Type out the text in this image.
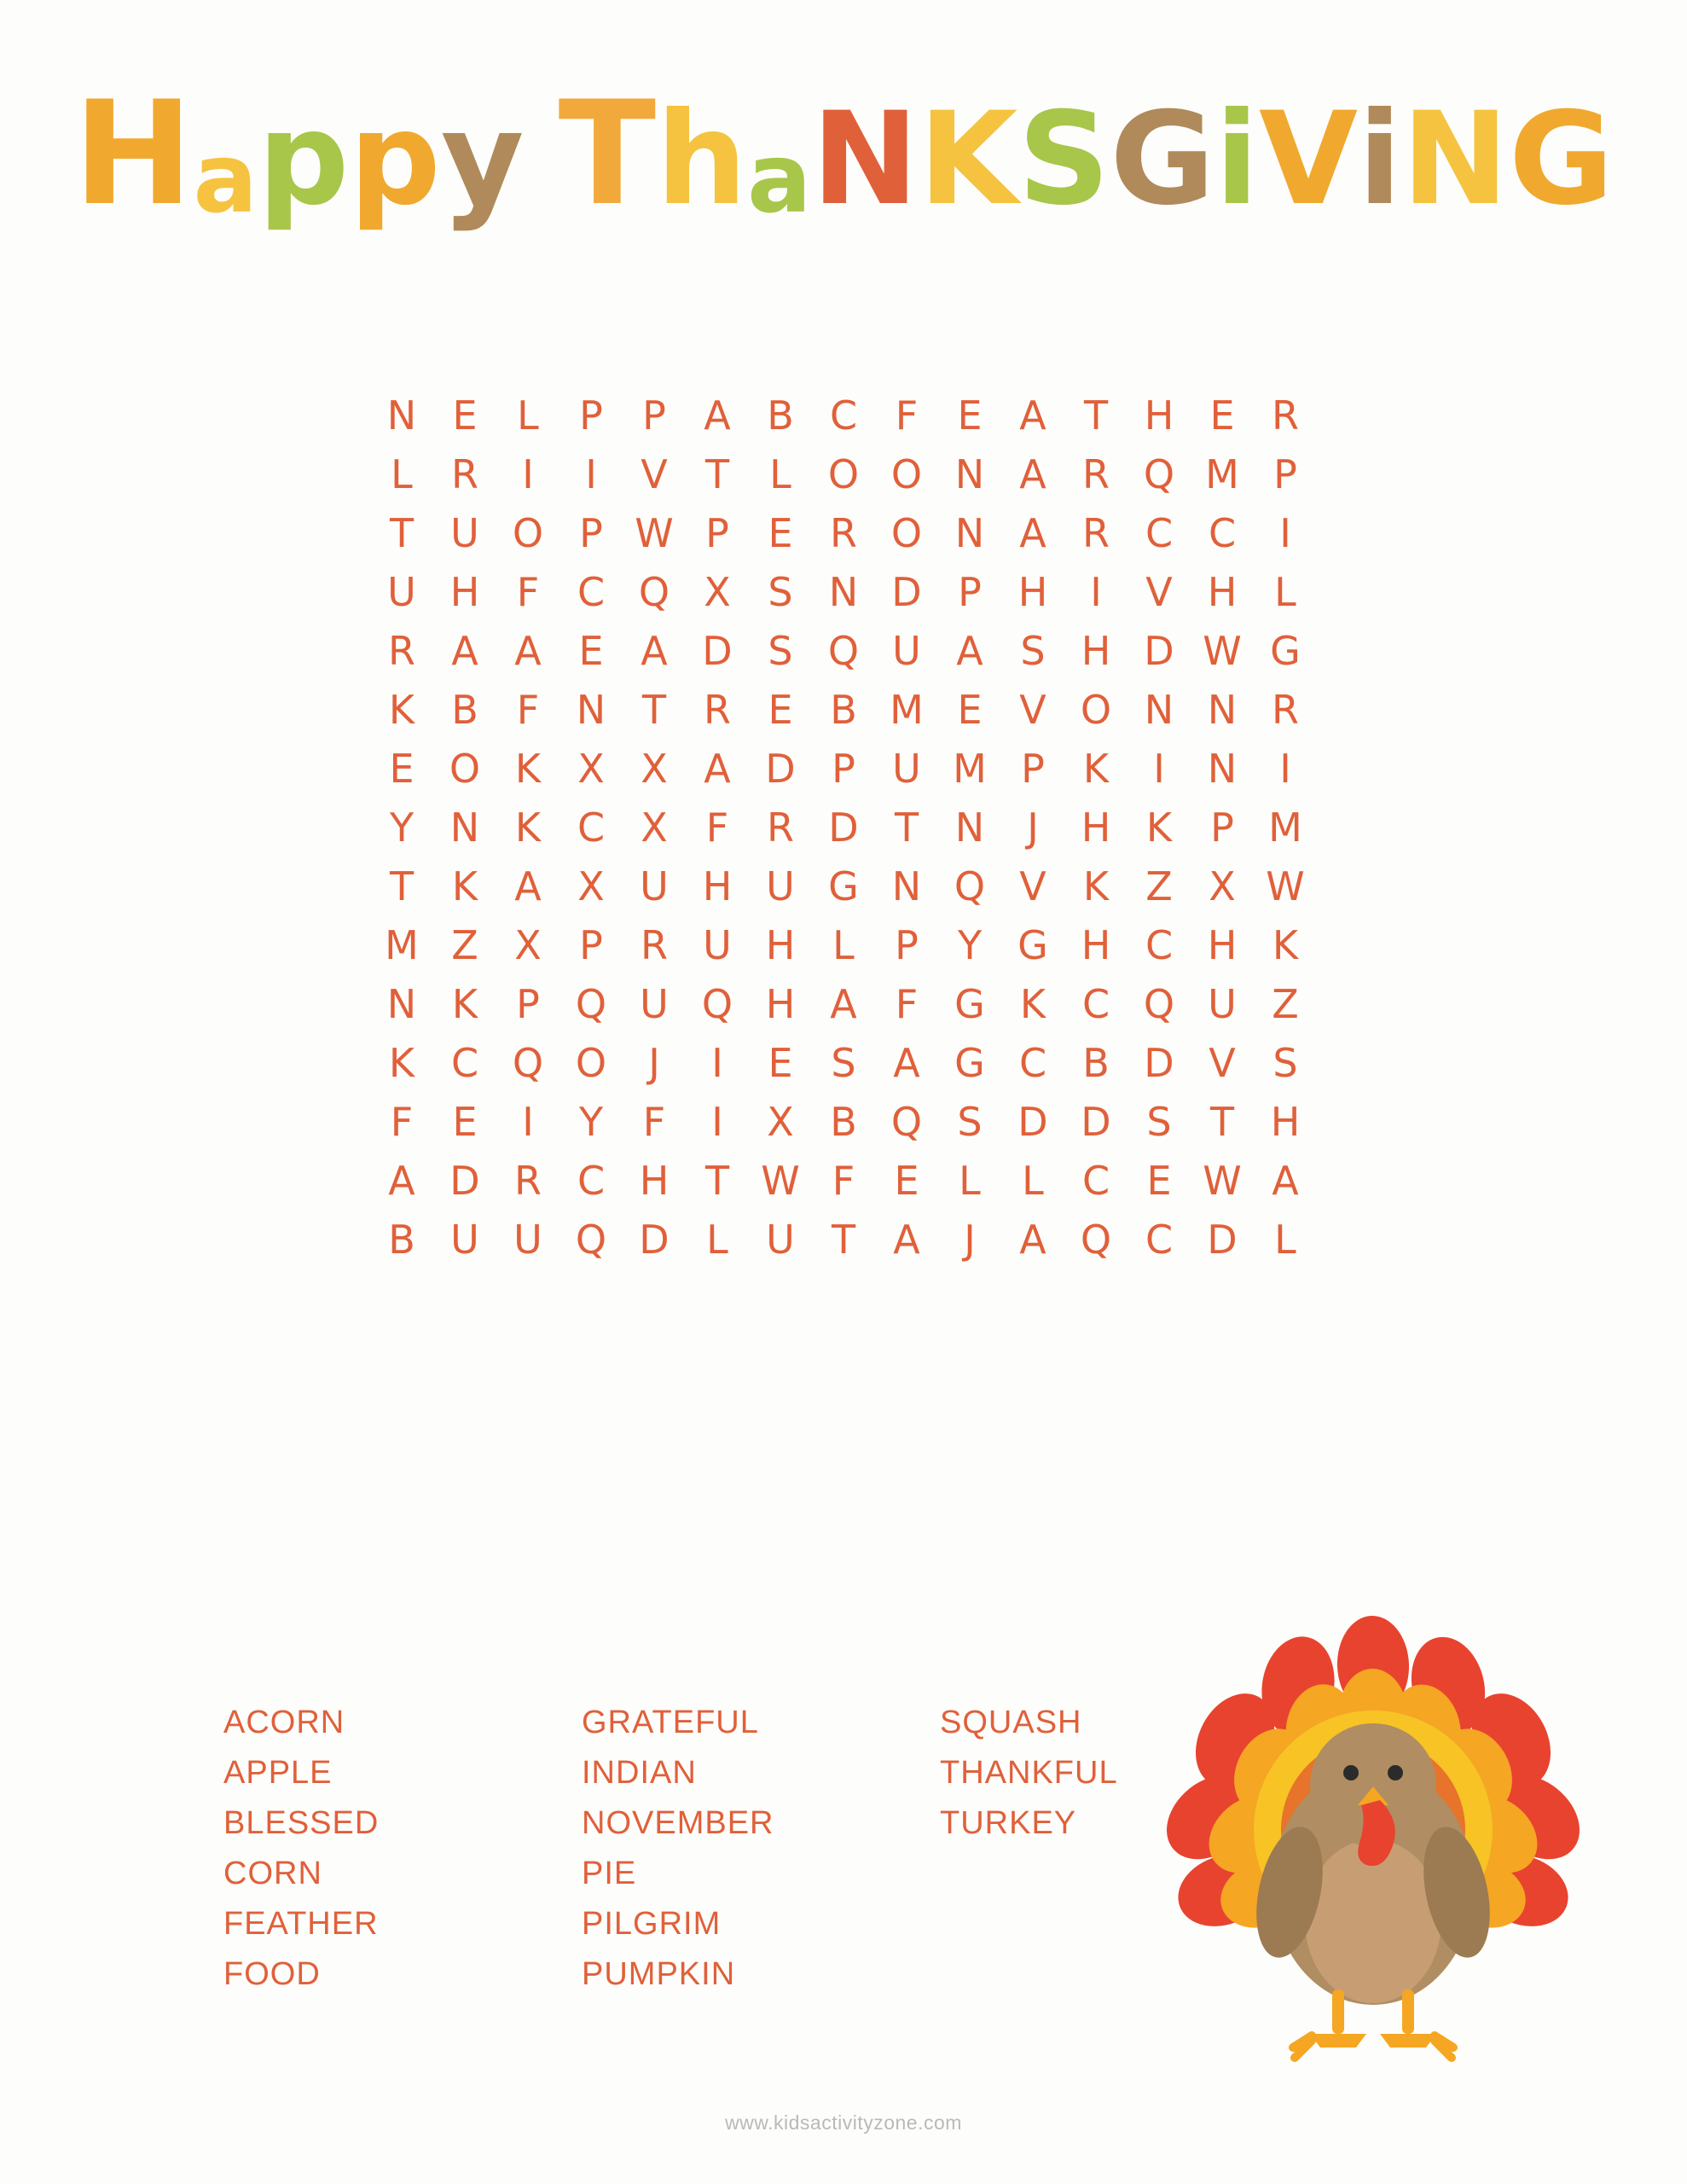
Happy ThaNKSGiViNG
N E	L	P	P A B C F	E A T H E R
L R	I	I	V T	L O O N A R Q M P
T U O P W P E R O N A R C C	I
U H F C Q X S N D P H	I	V H L
R A A E A D S Q U A S H D W G
K B F N T R E B M E V O N N R
E O K X X A D P U M P K	I	N	I
Y N K C X F R D T N	J	H K P M
T K A X U H U G N Q V K Z X W
M Z X P R U H L	P	Y G H C H K
N K P Q U Q H A F G K C Q U Z
K C Q O	J	I	E S A G C B D V S
F	E	I	Y	F	I	X B Q S D D S T H
A D R C H T W F	E	L	L C E W A
B U U Q D L U T A	J	A Q C D L
ACORN
APPLE
BLESSED
CORN
FEATHER
FOOD
GRATEFUL
INDIAN
NOVEMBER
PIE
PILGRIM
PUMPKIN
SQUASH
THANKFUL
TURKEY
www.kidsactivityzone.com
